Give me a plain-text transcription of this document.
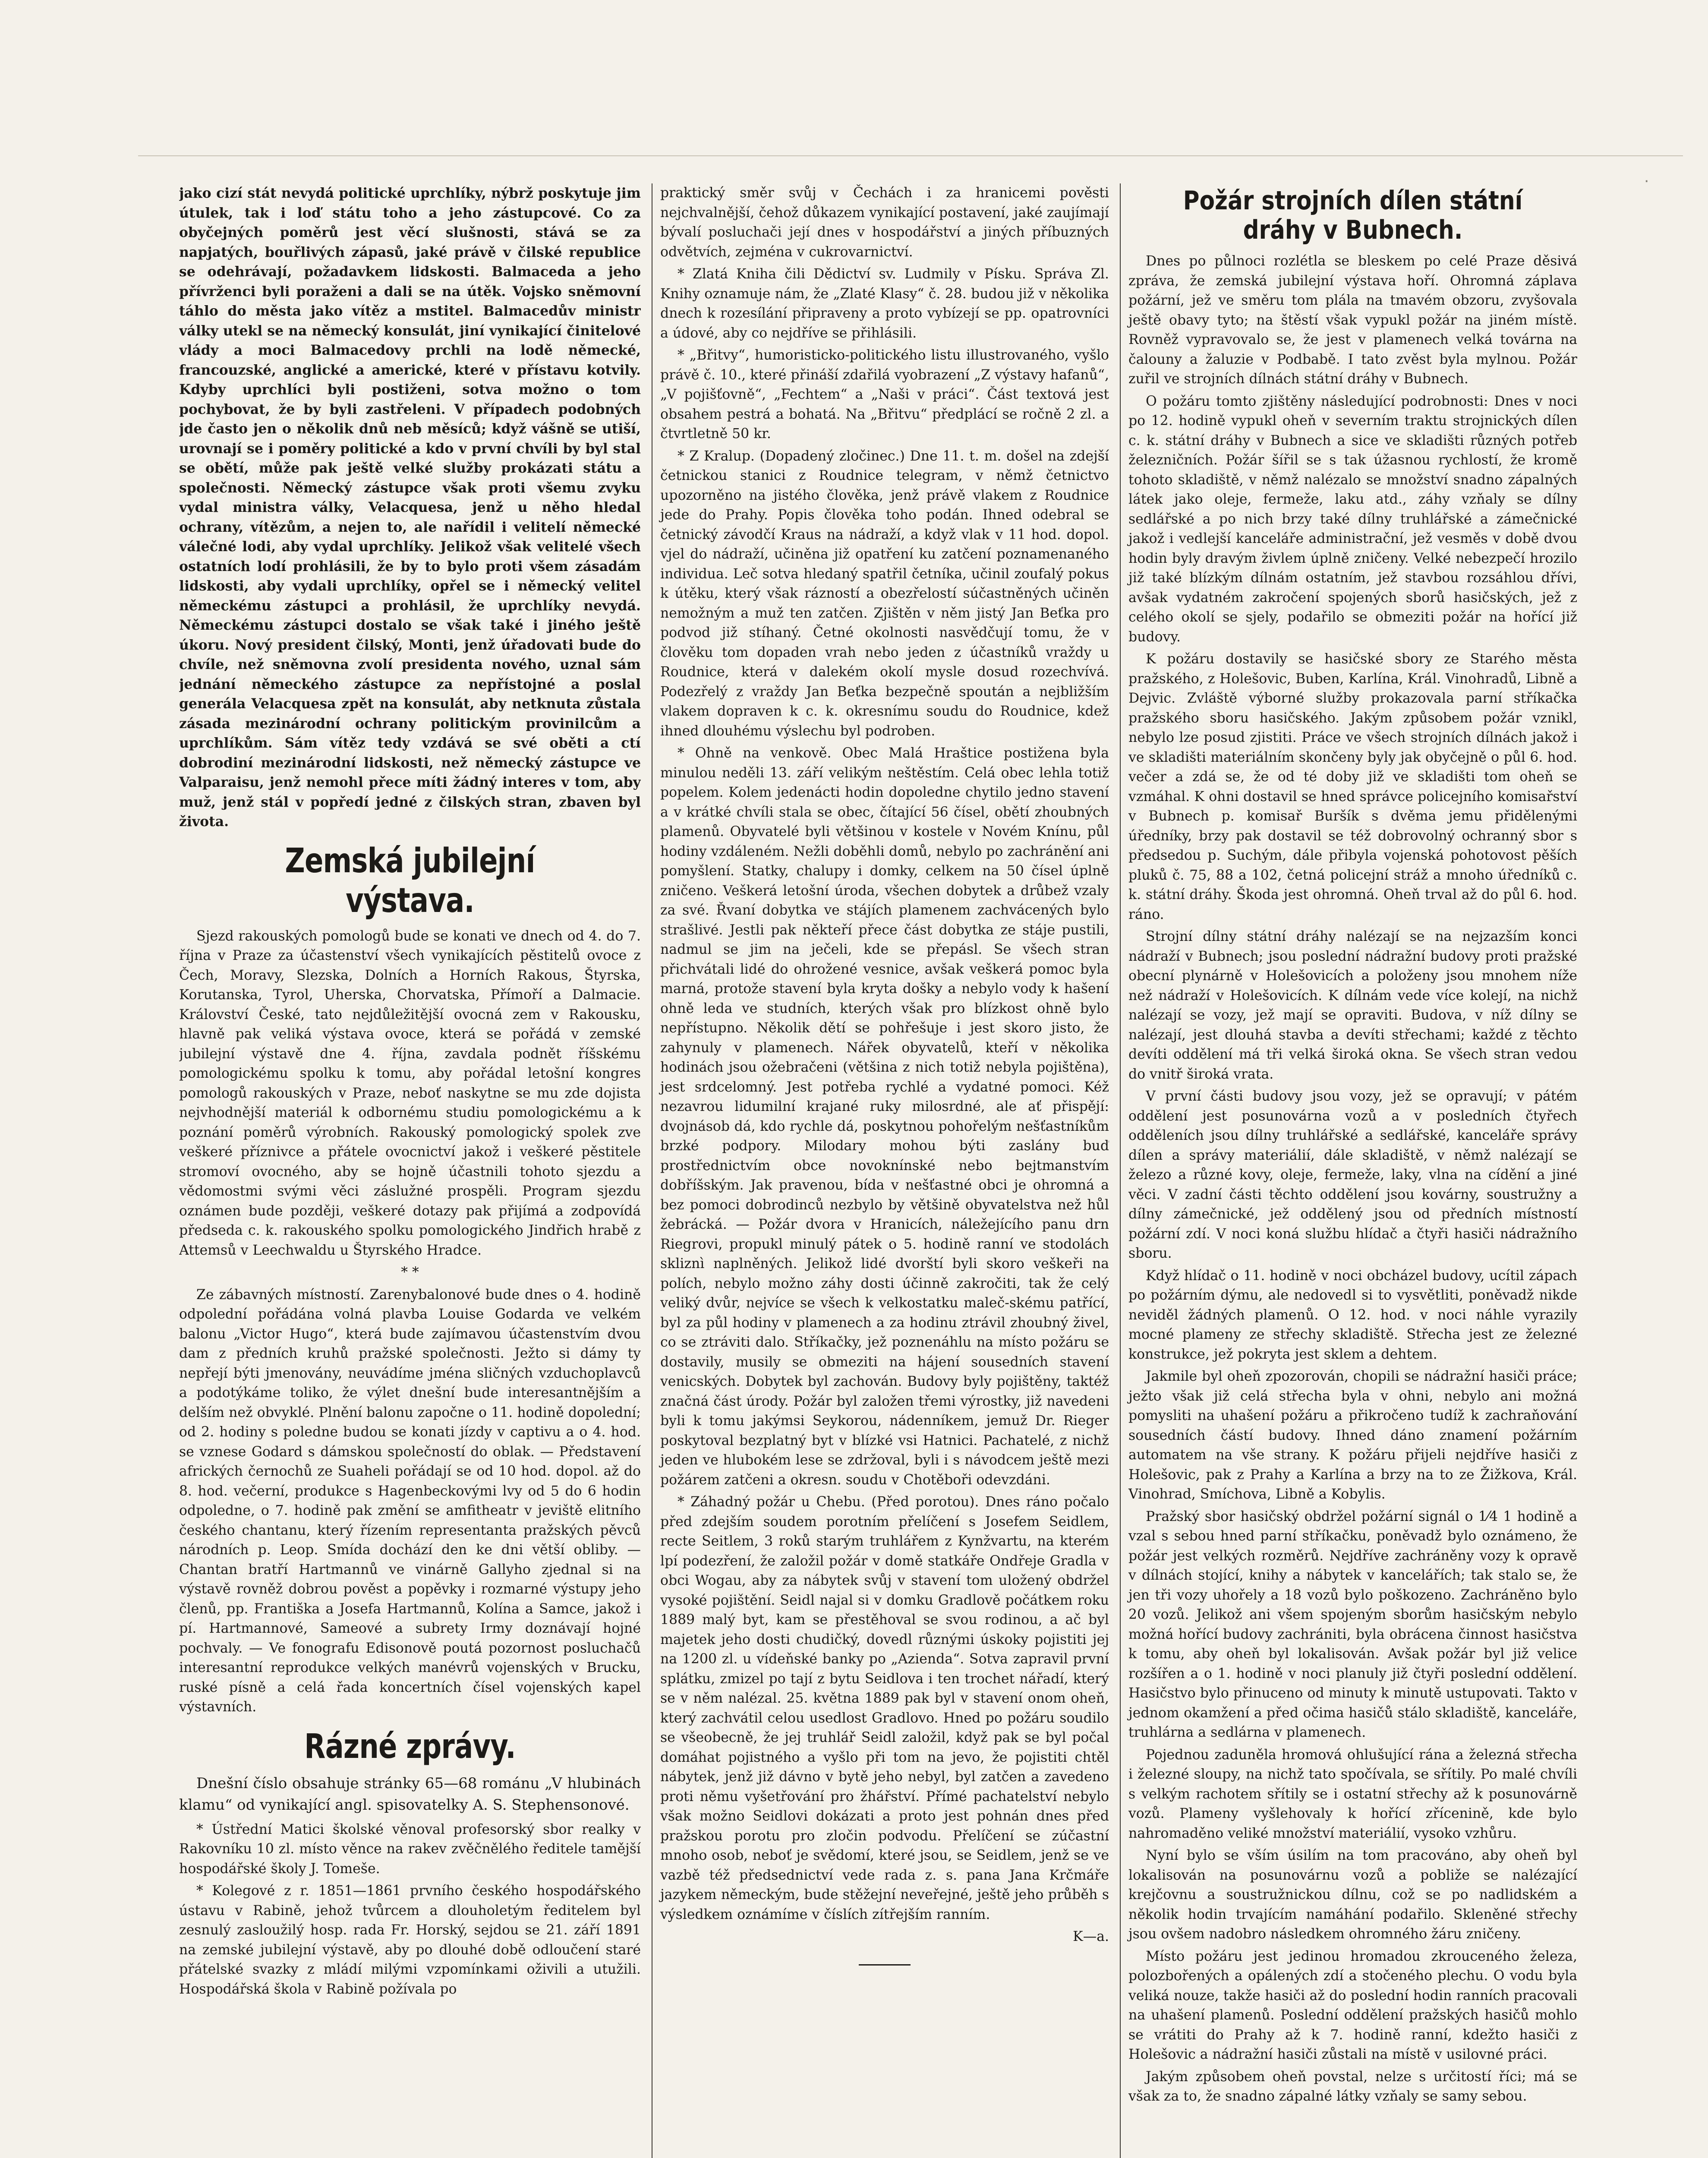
·

jako cizí stát nevydá politické uprchlíky, nýbrž poskytuje jim útulek, tak i loď státu toho a jeho zástupcové. Co za obyčejných poměrů jest věcí slušnosti, stává se za napjatých, bouřlivých zápasů, jaké právě v čilské republice se odehrávají, požadavkem lidskosti. Balmaceda a jeho přívrženci byli poraženi a dali se na útěk. Vojsko sněmovní táhlo do města jako vítěz a mstitel. Balmacedův ministr války utekl se na německý konsulát, jiní vynikající činitelové vlády a moci Balmacedovy prchli na lodě německé, francouzské, anglické a americké, které v přístavu kotvily. Kdyby uprchlíci byli postiženi, sotva možno o tom pochybovat, že by byli zastřeleni. V případech podobných jde často jen o několik dnů neb měsíců; když vášně se utiší, urovnají se i poměry politické a kdo v první chvíli by byl stal se obětí, může pak ještě velké služby prokázati státu a společnosti. Německý zástupce však proti všemu zvyku vydal ministra války, Velacquesa, jenž u něho hledal ochrany, vítězům, a nejen to, ale nařídil i velitelí německé válečné lodi, aby vydal uprchlíky. Jelikož však velitelé všech ostatních lodí prohlásili, že by to bylo proti všem zásadám lidskosti, aby vydali uprchlíky, opřel se i německý velitel německému zástupci a prohlásil, že uprchlíky nevydá. Německému zástupci dostalo se však také i jiného ještě úkoru. Nový president čilský, Monti, jenž úřadovati bude do chvíle, než sněmovna zvolí presidenta nového, uznal sám jednání německého zástupce za nepřístojné a poslal generála Velacquesa zpět na konsulát, aby netknuta zůstala zásada mezinárodní ochrany politickým provinilcům a uprchlíkům. Sám vítěz tedy vzdává se své oběti a ctí dobrodiní mezinárodní lidskosti, než německý zástupce ve Valparaisu, jenž nemohl přece míti žádný interes v tom, aby muž, jenž stál v popředí jedné z čilských stran, zbaven byl života.

Zemská jubilejní výstava.

Sjezd rakouských pomologů bude se konati ve dnech od 4. do 7. října v Praze za účastenství všech vynikajících pěstitelů ovoce z Čech, Moravy, Slezska, Dolních a Horních Rakous, Štyrska, Korutanska, Tyrol, Uherska, Chorvatska, Přímoří a Dalmacie. Království České, tato nejdůležitější ovocná zem v Rakousku, hlavně pak veliká výstava ovoce, která se pořádá v zemské jubilejní výstavě dne 4. října, zavdala podnět říšskému pomologickému spolku k tomu, aby pořádal letošní kongres pomologů rakouských v Praze, neboť naskytne se mu zde dojista nejvhodnější materiál k odbornému studiu pomologickému a k poznání poměrů výrobních. Rakouský pomologický spolek zve veškeré příznivce a přátele ovocnictví jakož i veškeré pěstitele stromoví ovocného, aby se hojně účastnili tohoto sjezdu a vědomostmi svými věci záslužné prospěli. Program sjezdu oznámen bude později, veškeré dotazy pak přijímá a zodpovídá předseda c. k. rakouského spolku pomologického Jindřich hrabě z Attemsů v Leechwaldu u Štyrského Hradce.

* *

Ze zábavných místností. Zarenybalonové bude dnes o 4. hodině odpolední pořádána volná plavba Louise Godarda ve velkém balonu „Victor Hugo“, která bude zajímavou účastenstvím dvou dam z předních kruhů pražské společnosti. Ježto si dámy ty nepřejí býti jmenovány, neuvádíme jména sličných vzduchoplavců a podotýkáme toliko, že výlet dnešní bude interesantnějším a delším než obvyklé. Plnění balonu započne o 11. hodině dopolední; od 2. hodiny s poledne budou se konati jízdy v captivu a o 4. hod. se vznese Godard s dámskou společností do oblak. — Představení afrických černochů ze Suaheli pořádají se od 10 hod. dopol. až do 8. hod. večerní, produkce s Hagenbeckovými lvy od 5 do 6 hodin odpoledne, o 7. hodině pak změní se amfitheatr v jeviště elitního českého chantanu, který řízením representanta pražských pěvců národních p. Leop. Smída dochází den ke dni větší obliby. — Chantan bratří Hartmannů ve vinárně Gallyho zjednal si na výstavě rovněž dobrou pověst a popěvky i rozmarné výstupy jeho členů, pp. Františka a Josefa Hartmannů, Kolína a Samce, jakož i pí. Hartmannové, Sameové a subrety Irmy doznávají hojné pochvaly. — Ve fonografu Edisonově poutá pozornost posluchačů interesantní reprodukce velkých manévrů vojenských v Brucku, ruské písně a celá řada koncertních čísel vojenských kapel výstavních.

Rázné zprávy.

Dnešní číslo obsahuje stránky 65—68 románu „V hlubinách klamu“ od vynikající angl. spisovatelky A. S. Stephensonové.

* Ústřední Matici školské věnoval profesorský sbor realky v Rakovníku 10 zl. místo věnce na rakev zvěčnělého ředitele tamější hospodářské školy J. Tomeše.

* Kolegové z r. 1851—1861 prvního českého hospodářského ústavu v Rabině, jehož tvůrcem a dlouholetým ředitelem byl zesnulý zasloužilý hosp. rada Fr. Horský, sejdou se 21. září 1891 na zemské jubilejní výstavě, aby po dlouhé době odloučení staré přátelské svazky z mládí milými vzpomínkami oživili a utužili. Hospodářská škola v Rabině požívala po

praktický směr svůj v Čechách i za hranicemi pověsti nejchvalnější, čehož důkazem vynikající postavení, jaké zaujímají bývalí posluchači její dnes v hospodářství a jiných příbuzných odvětvích, zejména v cukrovarnictví.

* Zlatá Kniha čili Dědictví sv. Ludmily v Písku. Správa Zl. Knihy oznamuje nám, že „Zlaté Klasy“ č. 28. budou již v několika dnech k rozesílání připraveny a proto vybízejí se pp. opatrovníci a údové, aby co nejdříve se přihlásili.

* „Břitvy“, humoristicko-politického listu illustrovaného, vyšlo právě č. 10., které přináší zdařilá vyobrazení „Z výstavy hafanů“, „V pojišťovně“, „Fechtem“ a „Naši v práci“. Část textová jest obsahem pestrá a bohatá. Na „Břitvu“ předplácí se ročně 2 zl. a čtvrtletně 50 kr.

* Z Kralup. (Dopadený zločinec.) Dne 11. t. m. došel na zdejší četnickou stanici z Roudnice telegram, v němž četnictvo upozorněno na jistého člověka, jenž právě vlakem z Roudnice jede do Prahy. Popis člověka toho podán. Ihned odebral se četnický závodčí Kraus na nádraží, a když vlak v 11 hod. dopol. vjel do nádraží, učiněna již opatření ku zatčení poznamenaného individua. Leč sotva hledaný spatřil četníka, učinil zoufalý pokus k útěku, který však rázností a obezřelostí súčastněných učiněn nemožným a muž ten zatčen. Zjištěn v něm jistý Jan Beťka pro podvod již stíhaný. Četné okolnosti nasvědčují tomu, že v člověku tom dopaden vrah nebo jeden z účastníků vraždy u Roudnice, která v dalekém okolí mysle dosud rozechvívá. Podezřelý z vraždy Jan Beťka bezpečně spoután a nejbližším vlakem dopraven k c. k. okresnímu soudu do Roudnice, kdež ihned dlouhému výslechu byl podroben.

* Ohně na venkově. Obec Malá Hraštice postižena byla minulou neděli 13. září velikým neštěstím. Celá obec lehla totiž popelem. Kolem jedenácti hodin dopoledne chytilo jedno stavení a v krátké chvíli stala se obec, čítající 56 čísel, obětí zhoubných plamenů. Obyvatelé byli většinou v kostele v Novém Knínu, půl hodiny vzdáleném. Nežli doběhli domů, nebylo po zachránění ani pomyšlení. Statky, chalupy i domky, celkem na 50 čísel úplně zničeno. Veškerá letošní úroda, všechen dobytek a drůbež vzaly za své. Řvaní dobytka ve stájích plamenem zachvácených bylo strašlivé. Jestli pak někteří přece část dobytka ze stáje pustili, nadmul se jim na ječeli, kde se přepásl. Se všech stran přichvátali lidé do ohrožené vesnice, avšak veškerá pomoc byla marná, protože stavení byla kryta došky a nebylo vody k hašení ohně leda ve studních, kterých však pro blízkost ohně bylo nepřístupno. Několik dětí se pohřešuje i jest skoro jisto, že zahynuly v plamenech. Nářek obyvatelů, kteří v několika hodinách jsou ožebračeni (většina z nich totiž nebyla pojištěna), jest srdcelomný. Jest potřeba rychlé a vydatné pomoci. Kéž nezavrou lidumilní krajané ruky milosrdné, ale ať přispějí: dvojnásob dá, kdo rychle dá, poskytnou pohořelým nešťastníkům brzké podpory. Milodary mohou býti zaslány buď prostřednictvím obce novoknínské nebo bejtmanstvím dobříšským. Jak pravenou, bída v nešťastné obci je ohromná a bez pomoci dobrodinců nezbylo by většině obyvatelstva než hůl žebrácká. — Požár dvora v Hranicích, náležejícího panu drn Riegrovi, propukl minulý pátek o 5. hodině ranní ve stodolách skliznì naplněných. Jelikož lidé dvorští byli skoro veškeři na polích, nebylo možno záhy dosti účinně zakročiti, tak že celý veliký dvůr, nejvíce se všech k velkostatku maleč-skému patřící, byl za půl hodiny v plamenech a za hodinu ztrávil zhoubný živel, co se ztráviti dalo. Stříkačky, jež poznenáhlu na místo požáru se dostavily, musily se obmeziti na hájení sousedních stavení venicských. Dobytek byl zachován. Budovy byly pojištěny, taktéž značná část úrody. Požár byl založen třemi výrostky, již navedeni byli k tomu jakýmsi Seykorou, nádenníkem, jemuž Dr. Rieger poskytoval bezplatný byt v blízké vsi Hatnici. Pachatelé, z nichž jeden ve hlubokém lese se zdržoval, byli i s návodcem ještě mezi požárem zatčeni a okresn. soudu v Chotěboři odevzdáni.

* Záhadný požár u Chebu. (Před porotou). Dnes ráno počalo před zdejším soudem porotním přelíčení s Josefem Seidlem, recte Seitlem, 3 roků starým truhlářem z Kynžvartu, na kterém lpí podezření, že založil požár v domě statkáře Ondřeje Gradla v obci Wogau, aby za nábytek svůj v stavení tom uložený obdržel vysoké pojištění. Seidl najal si v domku Gradlově počátkem roku 1889 malý byt, kam se přestěhoval se svou rodinou, a ač byl majetek jeho dosti chudičký, dovedl různými úskoky pojistiti jej na 1200 zl. u vídeňské banky po „Azienda“. Sotva zapravil první splátku, zmizel po tají z bytu Seidlova i ten trochet nářadí, který se v něm nalézal. 25. května 1889 pak byl v stavení onom oheň, který zachvátil celou usedlost Gradlovo. Hned po požáru soudilo se všeobecně, že jej truhlář Seidl založil, když pak se byl počal domáhat pojistného a vyšlo při tom na jevo, že pojistiti chtěl nábytek, jenž již dávno v bytě jeho nebyl, byl zatčen a zavedeno proti němu vyšetřování pro žhářství. Přímé pachatelství nebylo však možno Seidlovi dokázati a proto jest pohnán dnes před pražskou porotu pro zločin podvodu. Přelíčení se zúčastní mnoho osob, neboť je svědomí, které jsou, se Seidlem, jenž se ve vazbě též předsednictví vede rada z. s. pana Jana Krčmáře jazykem německým, bude stěžejní neveřejné, ještě jeho průběh s výsledkem oznámíme v číslích zítřejším ranním.

K—a.

Požár strojních dílen státní dráhy v Bubnech.

Dnes po půlnoci rozlétla se bleskem po celé Praze děsivá zpráva, že zemská jubilejní výstava hoří. Ohromná záplava požární, jež ve směru tom plála na tmavém obzoru, zvyšovala ještě obavy tyto; na štěstí však vypukl požár na jiném místě. Rovněž vypravovalo se, že jest v plamenech velká továrna na čalouny a žaluzie v Podbabě. I tato zvěst byla mylnou. Požár zuřil ve strojních dílnách státní dráhy v Bubnech.

O požáru tomto zjištěny následující podrobnosti: Dnes v noci po 12. hodině vypukl oheň v severním traktu strojnických dílen c. k. státní dráhy v Bubnech a sice ve skladišti různých potřeb železničních. Požár šířil se s tak úžasnou rychlostí, že kromě tohoto skladiště, v němž nalézalo se množství snadno zápalných látek jako oleje, fermeže, laku atd., záhy vzňaly se dílny sedlářské a po nich brzy také dílny truhlářské a zámečnické jakož i vedlejší kanceláře administrační, jež vesměs v době dvou hodin byly dravým živlem úplně zničeny. Velké nebezpečí hrozilo již také blízkým dílnám ostatním, jež stavbou rozsáhlou dřívi, avšak vydatném zakročení spojených sborů hasičských, jež z celého okolí se sjely, podařilo se obmeziti požár na hořící již budovy.

K požáru dostavily se hasičské sbory ze Starého města pražského, z Holešovic, Buben, Karlína, Král. Vinohradů, Libně a Dejvic. Zvláště výborné služby prokazovala parní stříkačka pražského sboru hasičského. Jakým způsobem požár vznikl, nebylo lze posud zjistiti. Práce ve všech strojních dílnách jakož i ve skladišti materiálním skončeny byly jak obyčejně o půl 6. hod. večer a zdá se, že od té doby již ve skladišti tom oheň se vzmáhal. K ohni dostavil se hned správce policejního komisařství v Bubnech p. komisař Buršík s dvěma jemu přidělenými úředníky, brzy pak dostavil se též dobrovolný ochranný sbor s předsedou p. Suchým, dále přibyla vojenská pohotovost pěších pluků č. 75, 88 a 102, četná policejní stráž a mnoho úředníků c. k. státní dráhy. Škoda jest ohromná. Oheň trval až do půl 6. hod. ráno.

Strojní dílny státní dráhy nalézají se na nejzazším konci nádraží v Bubnech; jsou poslední nádražní budovy proti pražské obecní plynárně v Holešovicích a položeny jsou mnohem níže než nádraží v Holešovicích. K dílnám vede více kolejí, na nichž nalézají se vozy, jež mají se opraviti. Budova, v níž dílny se nalézají, jest dlouhá stavba a devíti střechami; každé z těchto devíti oddělení má tři velká široká okna. Se všech stran vedou do vnitř široká vrata.

V první části budovy jsou vozy, jež se opravují; v pátém oddělení jest posunovárna vozů a v posledních čtyřech odděleních jsou dílny truhlářské a sedlářské, kanceláře správy dílen a správy materiálií, dále skladiště, v němž nalézají se železo a různé kovy, oleje, fermeže, laky, vlna na cídění a jiné věci. V zadní části těchto oddělení jsou kovárny, soustružny a dílny zámečnické, jež oddělený jsou od předních místností požární zdí. V noci koná službu hlídač a čtyři hasiči nádražního sboru.

Když hlídač o 11. hodině v noci obcházel budovy, ucítil zápach po požárním dýmu, ale nedovedl si to vysvětliti, poněvadž nikde neviděl žádných plamenů. O 12. hod. v noci náhle vyrazily mocné plameny ze střechy skladiště. Střecha jest ze železné konstrukce, jež pokryta jest sklem a dehtem.

Jakmile byl oheň zpozorován, chopili se nádražní hasiči práce; ježto však již celá střecha byla v ohni, nebylo ani možná pomysliti na uhašení požáru a přikročeno tudíž k zachraňování sousedních částí budovy. Ihned dáno znamení požárním automatem na vše strany. K požáru přijeli nejdříve hasiči z Holešovic, pak z Prahy a Karlína a brzy na to ze Žižkova, Král. Vinohrad, Smíchova, Libně a Kobylis.

Pražský sbor hasičský obdržel požární signál o 1⁄4 1 hodině a vzal s sebou hned parní stříkačku, poněvadž bylo oznámeno, že požár jest velkých rozměrů. Nejdříve zachráněny vozy k opravě v dílnách stojící, knihy a nábytek v kancelářích; tak stalo se, že jen tři vozy uhořely a 18 vozů bylo poškozeno. Zachráněno bylo 20 vozů. Jelikož ani všem spojeným sborům hasičským nebylo možná hořící budovy zachrániti, byla obrácena činnost hasičstva k tomu, aby oheň byl lokalisován. Avšak požár byl již velice rozšířen a o 1. hodině v noci planuly již čtyři poslední oddělení. Hasičstvo bylo přinuceno od minuty k minutě ustupovati. Takto v jednom okamžení a před očima hasičů stálo skladiště, kanceláře, truhlárna a sedlárna v plamenech.

Pojednou zaduněla hromová ohlušující rána a železná střecha i železné sloupy, na nichž tato spočívala, se sřítily. Po malé chvíli s velkým rachotem sřítily se i ostatní střechy až k posunovárně vozů. Plameny vyšlehovaly k hořící zřícenině, kde bylo nahromaděno veliké množství materiálií, vysoko vzhůru.

Nyní bylo se vším úsilím na tom pracováno, aby oheň byl lokalisován na posunovárnu vozů a pobliže se nalézající krejčovnu a soustružnickou dílnu, což se po nadlidském a několik hodin trvajícím namáhání podařilo. Skleněné střechy jsou ovšem nadobro následkem ohromného žáru zničeny.

Místo požáru jest jedinou hromadou zkrouceného železa, polozbořených a opálených zdí a stočeného plechu. O vodu byla veliká nouze, takže hasiči až do poslední hodin ranních pracovali na uhašení plamenů. Poslední oddělení pražských hasičů mohlo se vrátiti do Prahy až k 7. hodině ranní, kdežto hasiči z Holešovic a nádražní hasiči zůstali na místě v usilovné práci.

Jakým způsobem oheň povstal, nelze s určitostí říci; má se však za to, že snadno zápalné látky vzňaly se samy sebou.
